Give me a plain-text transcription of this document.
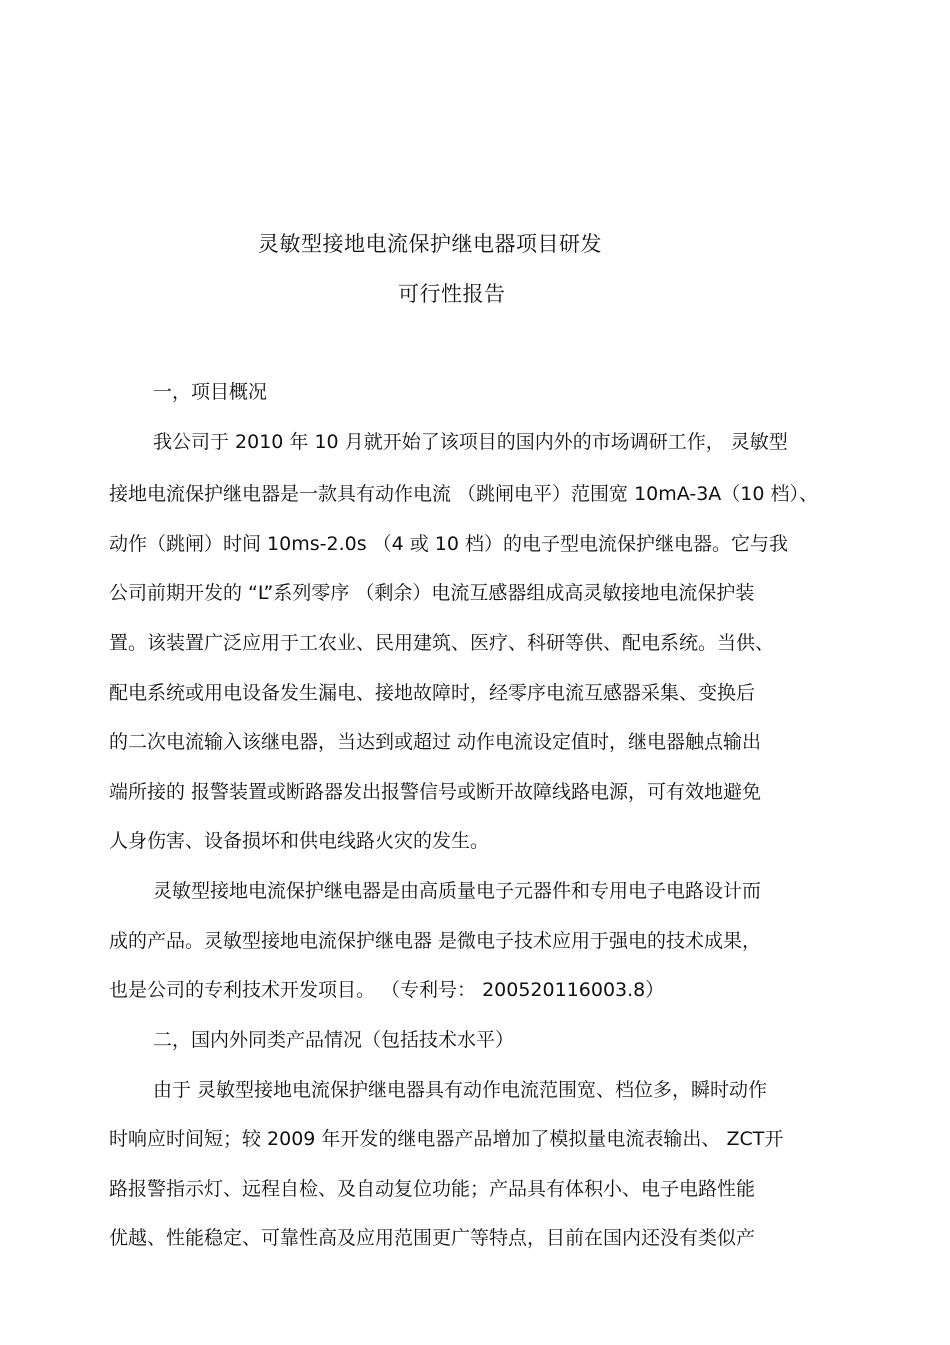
灵敏型接地电流保护继电器项目研发
可行性报告
一，项目概况
我公司于 2010 年 10 月就开始了该项目的国内外的市场调研工作， 灵敏型
接地电流保护继电器是一款具有动作电流 （跳闸电平）范围宽 10mA-3A（10 档）、
动作（跳闸）时间 10ms-2.0s （4 或 10 档）的电子型电流保护继电器。它与我
公司前期开发的 “L”系列零序 （剩余）电流互感器组成高灵敏接地电流保护装
置。该装置广泛应用于工农业、民用建筑、医疗、科研等供、配电系统。当供、
配电系统或用电设备发生漏电、接地故障时，经零序电流互感器采集、变换后
的二次电流输入该继电器，当达到或超过 动作电流设定值时，继电器触点输出
端所接的 报警装置或断路器发出报警信号或断开故障线路电源，可有效地避免
人身伤害、设备损坏和供电线路火灾的发生。
灵敏型接地电流保护继电器是由高质量电子元器件和专用电子电路设计而
成的产品。灵敏型接地电流保护继电器 是微电子技术应用于强电的技术成果，
也是公司的专利技术开发项目。 （专利号： 200520116003.8）
二，国内外同类产品情况（包括技术水平）
由于 灵敏型接地电流保护继电器具有动作电流范围宽、档位多，瞬时动作
时响应时间短；较 2009 年开发的继电器产品增加了模拟量电流表输出、 ZCT开
路报警指示灯、远程自检、及自动复位功能；产品具有体积小、电子电路性能
优越、性能稳定、可靠性高及应用范围更广等特点，目前在国内还没有类似产
